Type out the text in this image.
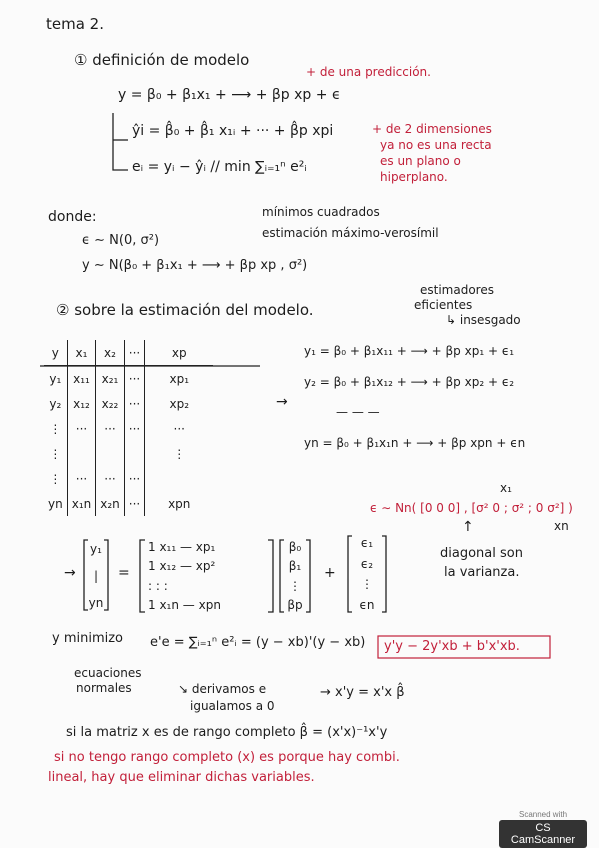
tema 2.
① definición de modelo
+ de una predicción.
y = β₀ + β₁x₁ + ⟶ + βp xp + ϵ
ŷi = β̂₀ + β̂₁ x₁ᵢ + ··· + β̂p xpi	+ de 2 dimensiones
ya no es una recta
es un plano o
hiperplano.
eᵢ = yᵢ − ŷᵢ // min ∑ᵢ₌₁ⁿ e²ᵢ
donde:	mínimos cuadrados
estimación máximo-verosímil
ϵ ∼ N(0, σ²)
y ∼ N(β₀ + β₁x₁ + ⟶ + βp xp , σ²)
estimadores
eficientes
↳ insesgado
② sobre la estimación del modelo.
y	x₁	x₂	···	xp
y₁	x₁₁	x₂₁	···	xp₁
y₂	x₁₂	x₂₂	···	xp₂
⋮	···	···	···	···
⋮				⋮
⋮	···	···	···	
yn	x₁n	x₂n	···	xpn
→
y₁ = β₀ + β₁x₁₁ + ⟶ + βp xp₁ + ϵ₁
y₂ = β₀ + β₁x₁₂ + ⟶ + βp xp₂ + ϵ₂
— — —
yn = β₀ + β₁x₁n + ⟶ + βp xpn + ϵn
→
y₁
|
yn
=
1 x₁₁ — xp₁
1 x₁₂ — xp²
: : :
1 x₁n — xpn
β₀
β₁
⋮
βp
+
ϵ₁
ϵ₂
⋮
ϵn
ϵ ∼ Nn( [0 0 0] , [σ² 0 ; σ² ; 0 σ²] )
x₁
xn
↑
diagonal son
la varianza.
y minimizo e'e = ∑ᵢ₌₁ⁿ e²ᵢ = (y − xb)'(y − xb) y'y − 2y'xb + b'x'xb.
ecuaciones
normales	↘ derivamos e
igualamos a 0
→ x'y = x'x β̂
si la matriz x es de rango completo β̂ = (x'x)⁻¹x'y
si no tengo rango completo (x) es porque hay combi.
lineal, hay que eliminar dichas variables.
Scanned with
CS CamScanner
